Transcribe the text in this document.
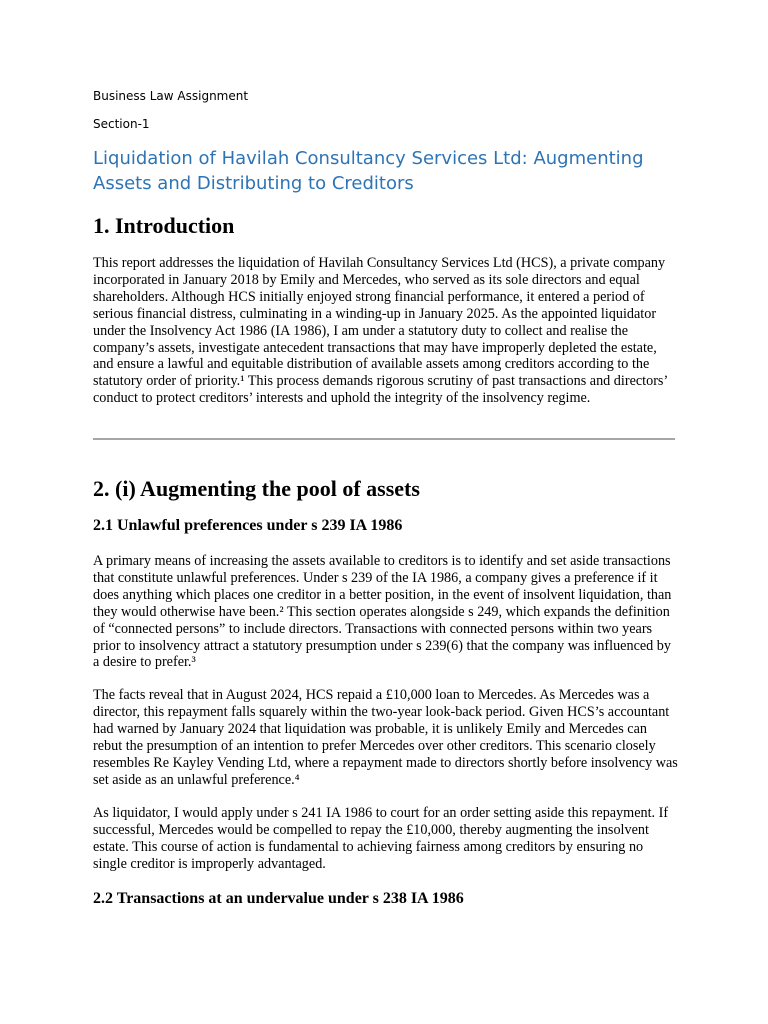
Business Law Assignment

Section-1

Liquidation of Havilah Consultancy Services Ltd: Augmenting Assets and Distributing to Creditors
1. Introduction

This report addresses the liquidation of Havilah Consultancy Services Ltd (HCS), a private company incorporated in January 2018 by Emily and Mercedes, who served as its sole directors and equal shareholders. Although HCS initially enjoyed strong financial performance, it entered a period of serious financial distress, culminating in a winding-up in January 2025. As the appointed liquidator under the Insolvency Act 1986 (IA 1986), I am under a statutory duty to collect and realise the company’s assets, investigate antecedent transactions that may have improperly depleted the estate, and ensure a lawful and equitable distribution of available assets among creditors according to the statutory order of priority.¹ This process demands rigorous scrutiny of past transactions and directors’ conduct to protect creditors’ interests and uphold the integrity of the insolvency regime.

2. (i) Augmenting the pool of assets
2.1 Unlawful preferences under s 239 IA 1986

A primary means of increasing the assets available to creditors is to identify and set aside transactions that constitute unlawful preferences. Under s 239 of the IA 1986, a company gives a preference if it does anything which places one creditor in a better position, in the event of insolvent liquidation, than they would otherwise have been.² This section operates alongside s 249, which expands the definition of “connected persons” to include directors. Transactions with connected persons within two years prior to insolvency attract a statutory presumption under s 239(6) that the company was influenced by a desire to prefer.³

The facts reveal that in August 2024, HCS repaid a £10,000 loan to Mercedes. As Mercedes was a director, this repayment falls squarely within the two-year look-back period. Given HCS’s accountant had warned by January 2024 that liquidation was probable, it is unlikely Emily and Mercedes can rebut the presumption of an intention to prefer Mercedes over other creditors. This scenario closely resembles Re Kayley Vending Ltd, where a repayment made to directors shortly before insolvency was set aside as an unlawful preference.⁴

As liquidator, I would apply under s 241 IA 1986 to court for an order setting aside this repayment. If successful, Mercedes would be compelled to repay the £10,000, thereby augmenting the insolvent estate. This course of action is fundamental to achieving fairness among creditors by ensuring no single creditor is improperly advantaged.

2.2 Transactions at an undervalue under s 238 IA 1986
